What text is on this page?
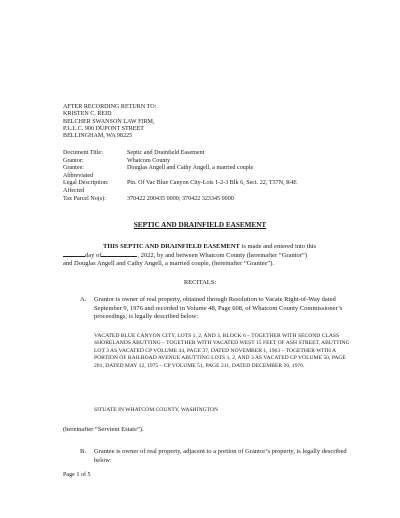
AFTER RECORDING RETURN TO:
KRISTEN C. REID
BELCHER SWANSON LAW FIRM,
P.L.L.C. 900 DUPONT STREET
BELLINGHAM, WA 98225
Document Title:	Septic and Drainfield Easement
Grantor:	Whatcom County
Grantee:	Douglas Angell and Cathy Angell, a married couple
Abbreviated
Legal Description:	Ptn. Of Vac Blue Canyon City-Lots 1-2-3 Blk 6, Sect. 22, T37N, R4E
Affected
Tax Parcel No(s):	370422 200435 0000; 370422 323345 0000
SEPTIC AND DRAINFIELD EASEMENT
THIS SEPTIC AND DRAINFIELD EASEMENT is made and entered into this
day of	, 2022, by and between Whatcom County (hereinafter “Grantor”)
and Douglas Angell and Cathy Angell, a married couple, (hereinafter “Grantee”).
RECITALS:
A.	Grantor is owner of real property, obtained through Resolution to Vacate Right-of-Way dated September 9, 1976 and recorded in Volume 48, Page 608, of Whatcom County Commissioner’s proceedings, is legally described below:
VACATED BLUE CANYON CITY, LOTS 1, 2, AND 3, BLOCK 6 – TOGETHER WITH SECOND CLASS SHORELANDS ABUTTING – TOGETHER WITH VACATED WEST 15 FEET OF ASH STREET, ABUTTING LOT 3 AS VACATED CP VOLUME 44, PAGE 37, DATED NOVEMBER 1, 1963 – TOGETHER WITH A PORTION OF RAILROAD AVENUE ABUTTING LOTS 1, 2, AND 3 AS VACATED CP VOLUME 50, PAGE 201, DATED MAY 12, 1975 – CP VOLUME 51, PAGE 211, DATED DECEMBER 20, 1976.
SITUATE IN WHATCOM COUNTY, WASHINGTON
(hereinafter “Servient Estate”).
B.	Grantee is owner of real property, adjacent to a portion of Grantor’s property, is legally described below:
Page 1 of 5
